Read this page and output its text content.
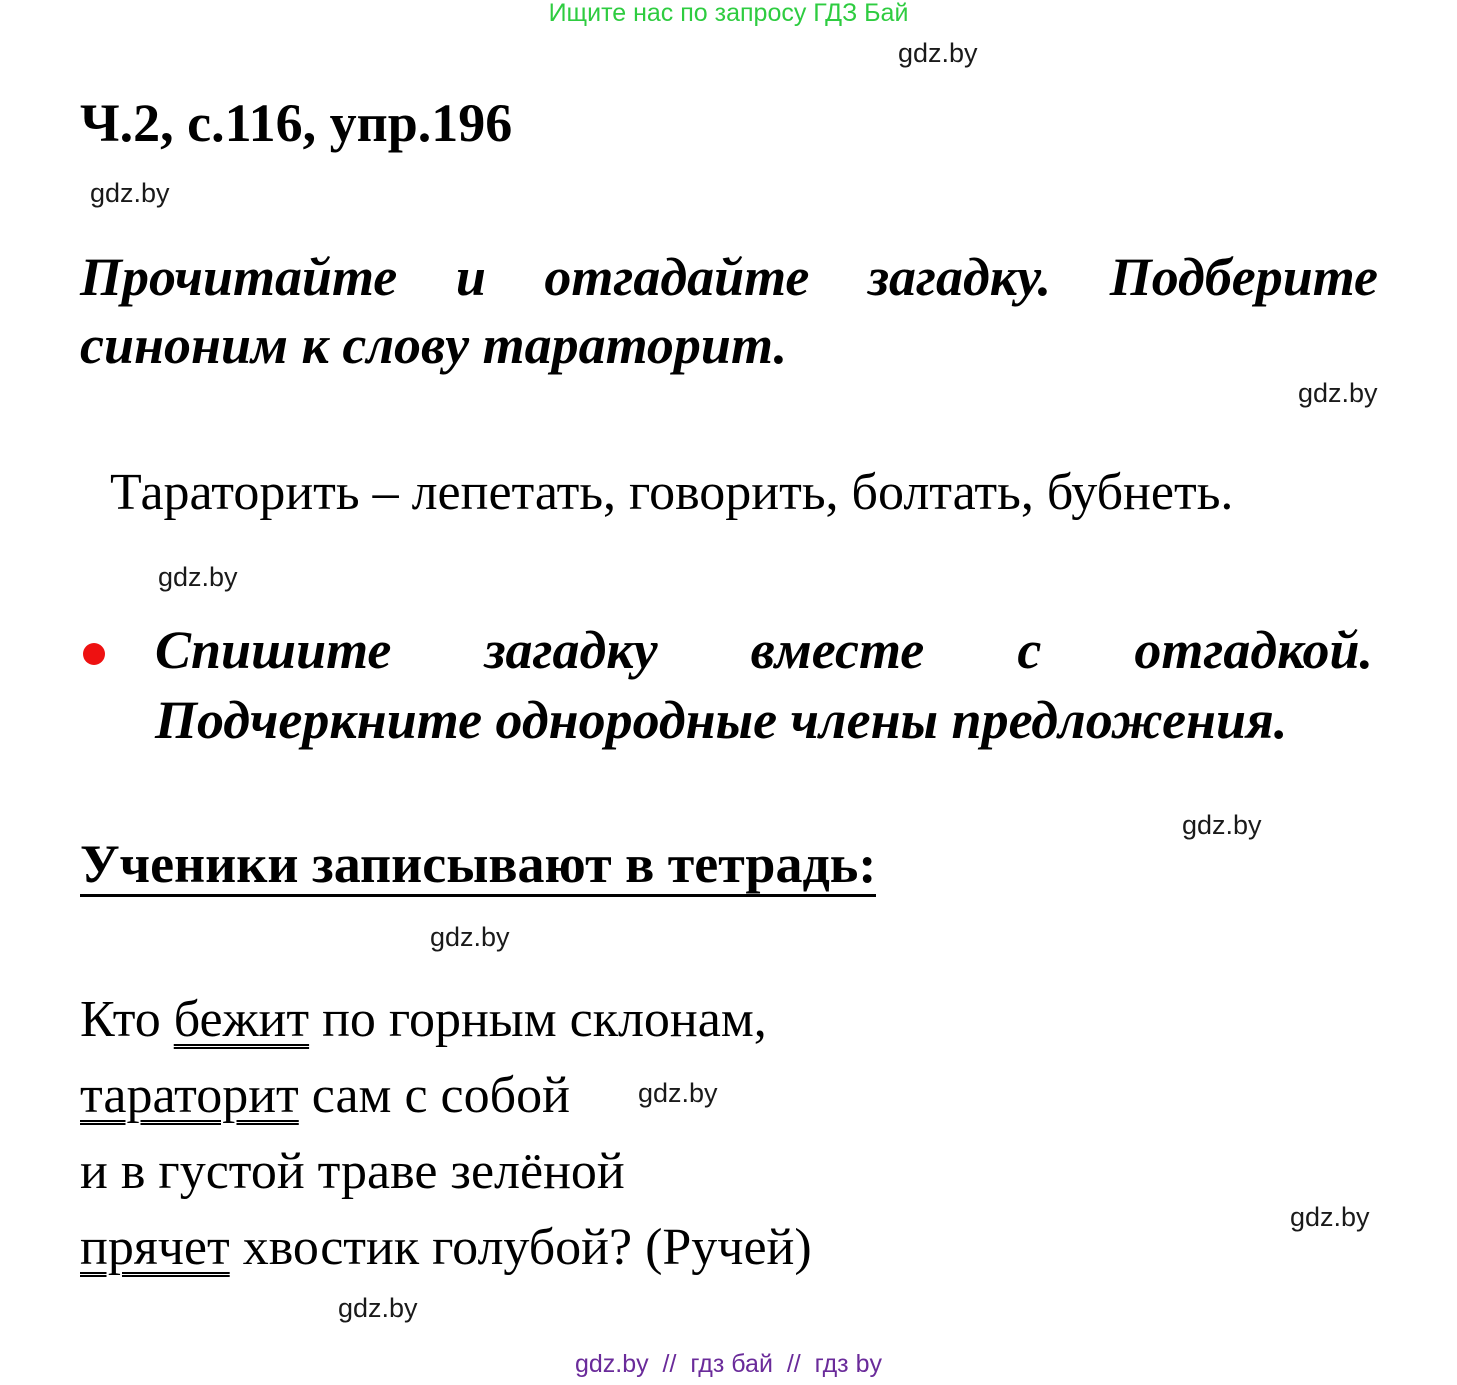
Ищите нас по запросу ГДЗ Бай
gdz.by
Ч.2, с.116, упр.196
gdz.by
Прочитайте и отгадайте загадку. Подберите
синоним к слову тараторит.
gdz.by
Тараторить – лепетать, говорить, болтать, бубнеть.
gdz.by
Спишите загадку вместе с отгадкой.
Подчеркните однородные члены предложения.
gdz.by
Ученики записывают в тетрадь:
gdz.by
Кто бежит по горным склонам,
тараторит сам с собой	gdz.by
и в густой траве зелёной
gdz.by
прячет хвостик голубой? (Ручей)
gdz.by
gdz.by  //  гдз бай  //  гдз by
